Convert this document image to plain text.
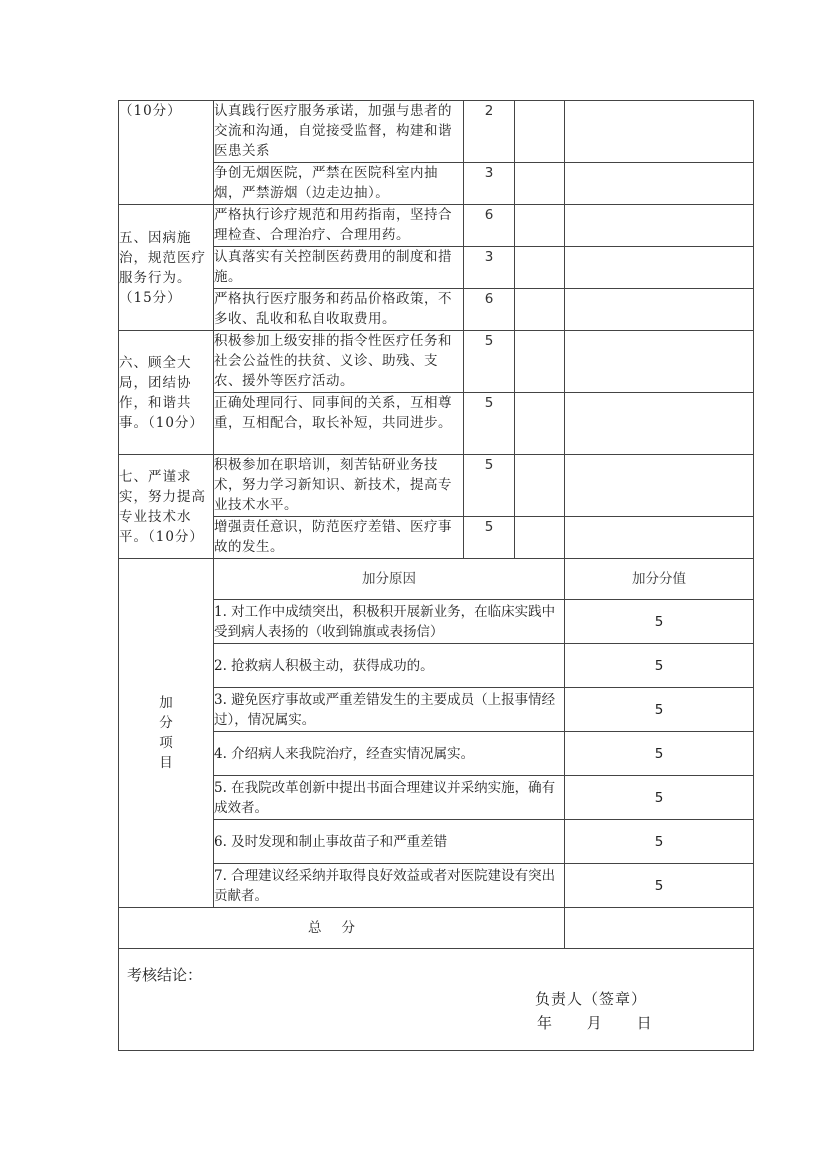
（10分）	认真践行医疗服务承诺，加强与患者的交流和沟通，自觉接受监督，构建和谐医患关系	2		
	争创无烟医院，严禁在医院科室内抽烟，严禁游烟（边走边抽）。	3		
五、因病施治，规范医疗服务行为。（15分）	严格执行诊疗规范和用药指南，坚持合理检查、合理治疗、合理用药。	6		
	认真落实有关控制医药费用的制度和措施。	3		
	严格执行医疗服务和药品价格政策，不多收、乱收和私自收取费用。	6		
六、顾全大局，团结协作，和谐共事。（10分）	积极参加上级安排的指令性医疗任务和社会公益性的扶贫、义诊、助残、支农、援外等医疗活动。	5		
	正确处理同行、同事间的关系，互相尊重，互相配合，取长补短，共同进步。	5		
七、严谨求实，努力提高专业技术水平。（10分）	积极参加在职培训，刻苦钻研业务技术，努力学习新知识、新技术，提高专业技术水平。	5		
	增强责任意识，防范医疗差错、医疗事故的发生。	5		

加
分
项
目	加分原因			加分分值
	1. 对工作中成绩突出，积极积开展新业务，在临床实践中受到病人表扬的（收到锦旗或表扬信）			5
	2. 抢救病人积极主动，获得成功的。			5
	3. 避免医疗事故或严重差错发生的主要成员（上报事情经过），情况属实。			5
	4. 介绍病人来我院治疗，经查实情况属实。			5
	5. 在我院改革创新中提出书面合理建议并采纳实施，确有成效者。			5
	6. 及时发现和制止事故苗子和严重差错			5
	7. 合理建议经采纳并取得良好效益或者对医院建设有突出贡献者。			5
总分				

考核结论：
负责人（签章）
年 月 日				
